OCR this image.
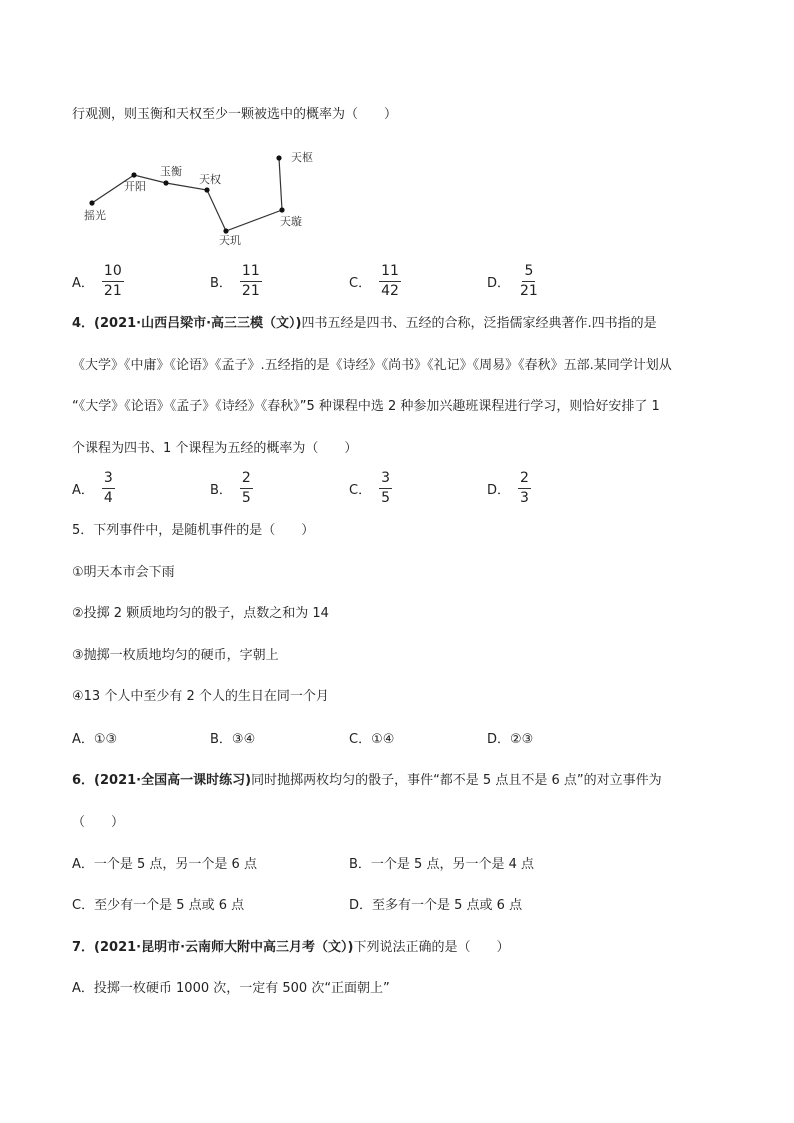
行观测，则玉衡和天权至少一颗被选中的概率为（　　）
摇光
开阳
玉衡
天权
天玑
天璇
天枢
A． $\frac{10}{21}$	B． $\frac{11}{21}$	C． $\frac{11}{42}$	D． $\frac{5}{21}$
4．(2021·山西吕梁市·高三三模（文）)四书五经是四书、五经的合称，泛指儒家经典著作.四书指的是
《大学》《中庸》《论语》《孟子》.五经指的是《诗经》《尚书》《礼记》《周易》《春秋》五部.某同学计划从
“《大学》《论语》《孟子》《诗经》《春秋》”5 种课程中选 2 种参加兴趣班课程进行学习，则恰好安排了 1
个课程为四书、1 个课程为五经的概率为（　　）
A． $\frac{3}{4}$	B． $\frac{2}{5}$	C． $\frac{3}{5}$	D． $\frac{2}{3}$
5．下列事件中，是随机事件的是（　　）
①明天本市会下雨
②投掷 2 颗质地均匀的骰子，点数之和为 14
③抛掷一枚质地均匀的硬币，字朝上
④13 个人中至少有 2 个人的生日在同一个月
A．①③	B．③④	C．①④	D．②③
6．(2021·全国高一课时练习)同时抛掷两枚均匀的骰子，事件“都不是 5 点且不是 6 点”的对立事件为
（　　）
A．一个是 5 点，另一个是 6 点	B．一个是 5 点，另一个是 4 点
C．至少有一个是 5 点或 6 点	D．至多有一个是 5 点或 6 点
7．(2021·昆明市·云南师大附中高三月考（文）)下列说法正确的是（　　）
A．投掷一枚硬币 1000 次，一定有 500 次“正面朝上”
